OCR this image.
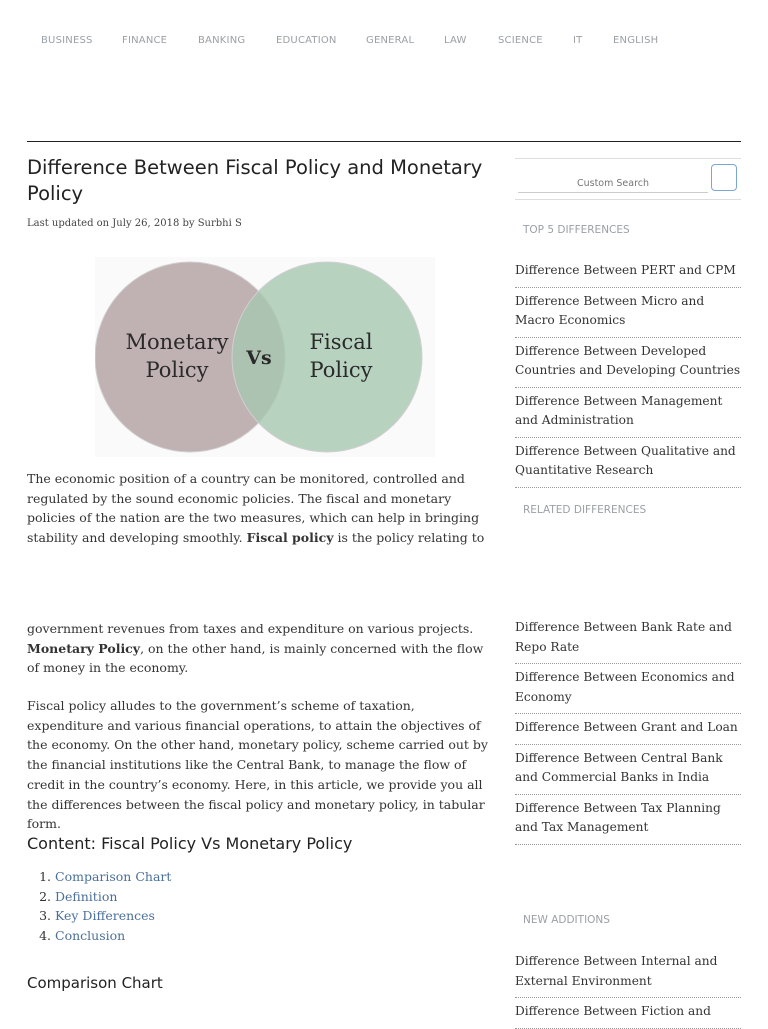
BUSINESS	FINANCE	BANKING	EDUCATION	GENERAL	LAW	SCIENCE	IT	ENGLISH
Difference Between Fiscal Policy and Monetary Policy
Last updated on July 26, 2018 by Surbhi S
Monetary
Policy
Fiscal
Policy
Vs

The economic position of a country can be monitored, controlled and regulated by the sound economic policies. The fiscal and monetary policies of the nation are the two measures, which can help in bringing stability and developing smoothly. Fiscal policy is the policy relating to

government revenues from taxes and expenditure on various projects. Monetary Policy, on the other hand, is mainly concerned with the flow of money in the economy.

Fiscal policy alludes to the government’s scheme of taxation, expenditure and various financial operations, to attain the objectives of the economy. On the other hand, monetary policy, scheme carried out by the financial institutions like the Central Bank, to manage the flow of credit in the country’s economy. Here, in this article, we provide you all the differences between the fiscal policy and monetary policy, in tabular form.

Content: Fiscal Policy Vs Monetary Policy
1. Comparison Chart
2. Definition
3. Key Differences
4. Conclusion
Comparison Chart
Custom Search
TOP 5 DIFFERENCES
Difference Between PERT and CPM
Difference Between Micro and Macro Economics
Difference Between Developed Countries and Developing Countries
Difference Between Management and Administration
Difference Between Qualitative and Quantitative Research
RELATED DIFFERENCES
Difference Between Bank Rate and Repo Rate
Difference Between Economics and Economy
Difference Between Grant and Loan
Difference Between Central Bank and Commercial Banks in India
Difference Between Tax Planning and Tax Management
NEW ADDITIONS
Difference Between Internal and External Environment
Difference Between Fiction and
